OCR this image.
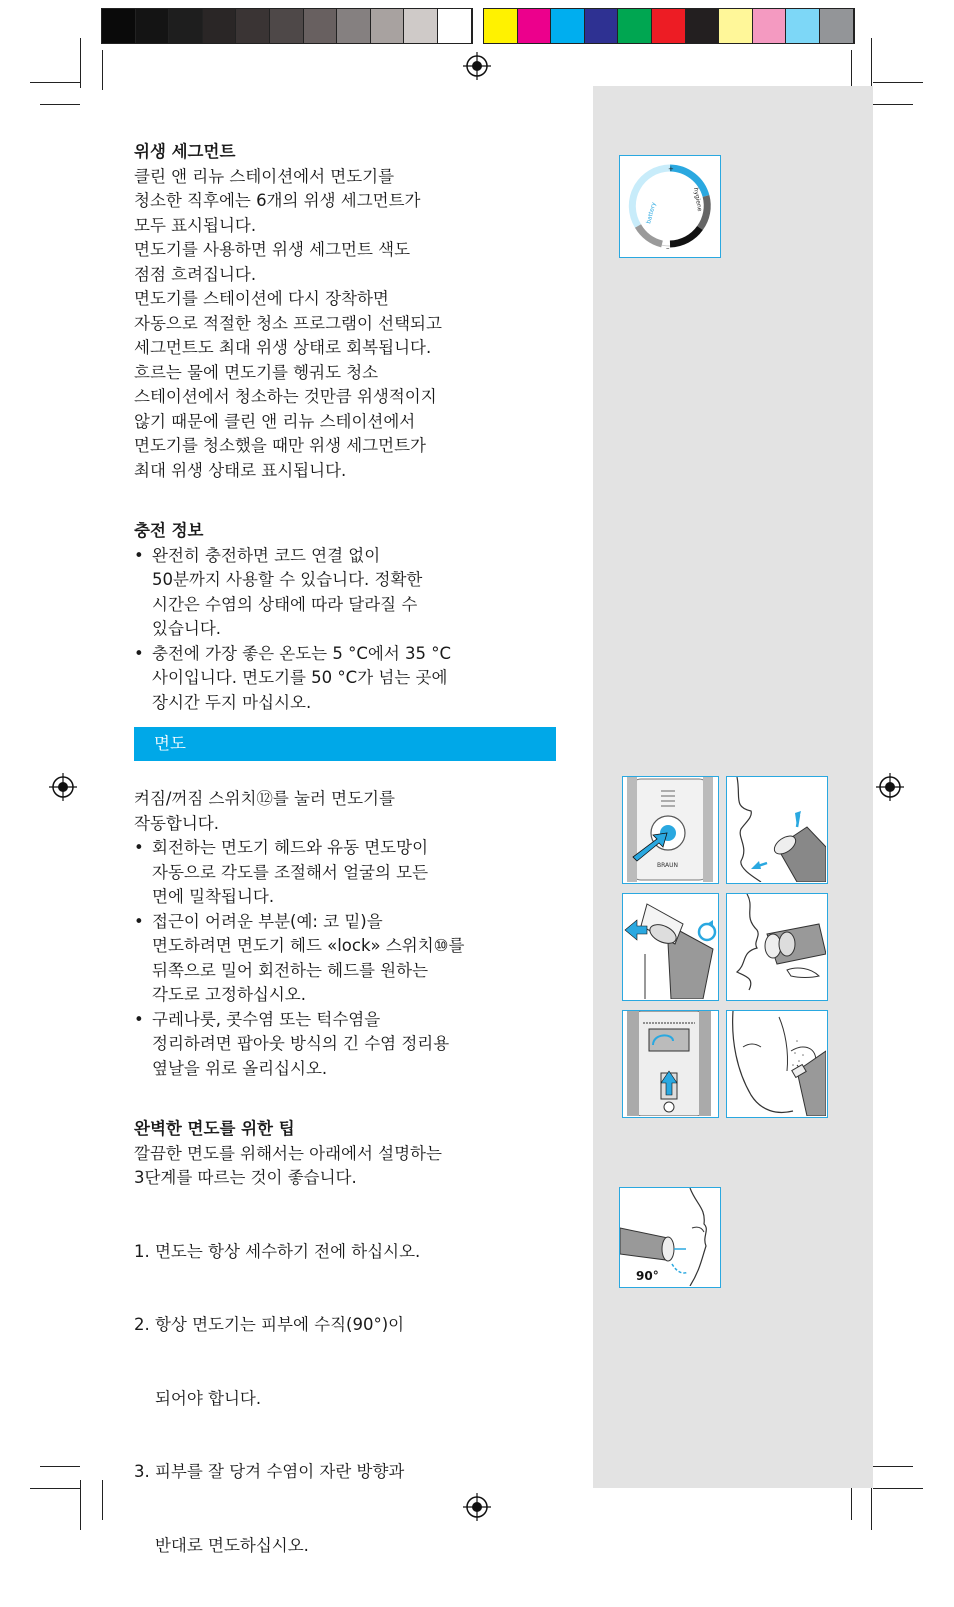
위생 세그먼트

클린 앤 리뉴 스테이션에서 면도기를

청소한 직후에는 6개의 위생 세그먼트가

모두 표시됩니다.

면도기를 사용하면 위생 세그먼트 색도

점점 흐려집니다.

면도기를 스테이션에 다시 장착하면

자동으로 적절한 청소 프로그램이 선택되고

세그먼트도 최대 위생 상태로 회복됩니다.

흐르는 물에 면도기를 헹궈도 청소

스테이션에서 청소하는 것만큼 위생적이지

않기 때문에 클린 앤 리뉴 스테이션에서

면도기를 청소했을 때만 위생 세그먼트가

최대 위생 상태로 표시됩니다.

충전 정보

• 완전히 충전하면 코드 연결 없이

50분까지 사용할 수 있습니다. 정확한

시간은 수염의 상태에 따라 달라질 수

있습니다.

• 충전에 가장 좋은 온도는 5 °C에서 35 °C

사이입니다. 면도기를 50 °C가 넘는 곳에

장시간 두지 마십시오.

면도

켜짐/꺼짐 스위치⑫를 눌러 면도기를

작동합니다.

• 회전하는 면도기 헤드와 유동 면도망이

자동으로 각도를 조절해서 얼굴의 모든

면에 밀착됩니다.

• 접근이 어려운 부분(예: 코 밑)을

면도하려면 면도기 헤드 «lock» 스위치⑩를

뒤쪽으로 밀어 회전하는 헤드를 원하는

각도로 고정하십시오.

• 구레나룻, 콧수염 또는 턱수염을

정리하려면 팝아웃 방식의 긴 수염 정리용

옆날을 위로 올리십시오.

완벽한 면도를 위한 팁

깔끔한 면도를 위해서는 아래에서 설명하는

3단계를 따르는 것이 좋습니다.

1. 면도는 항상 세수하기 전에 하십시오.

2. 항상 면도기는 피부에 수직(90°)이

되어야 합니다.

3. 피부를 잘 당겨 수염이 자란 방향과

반대로 면도하십시오.

+
–
battery
hygiene
BRAUN
90°
